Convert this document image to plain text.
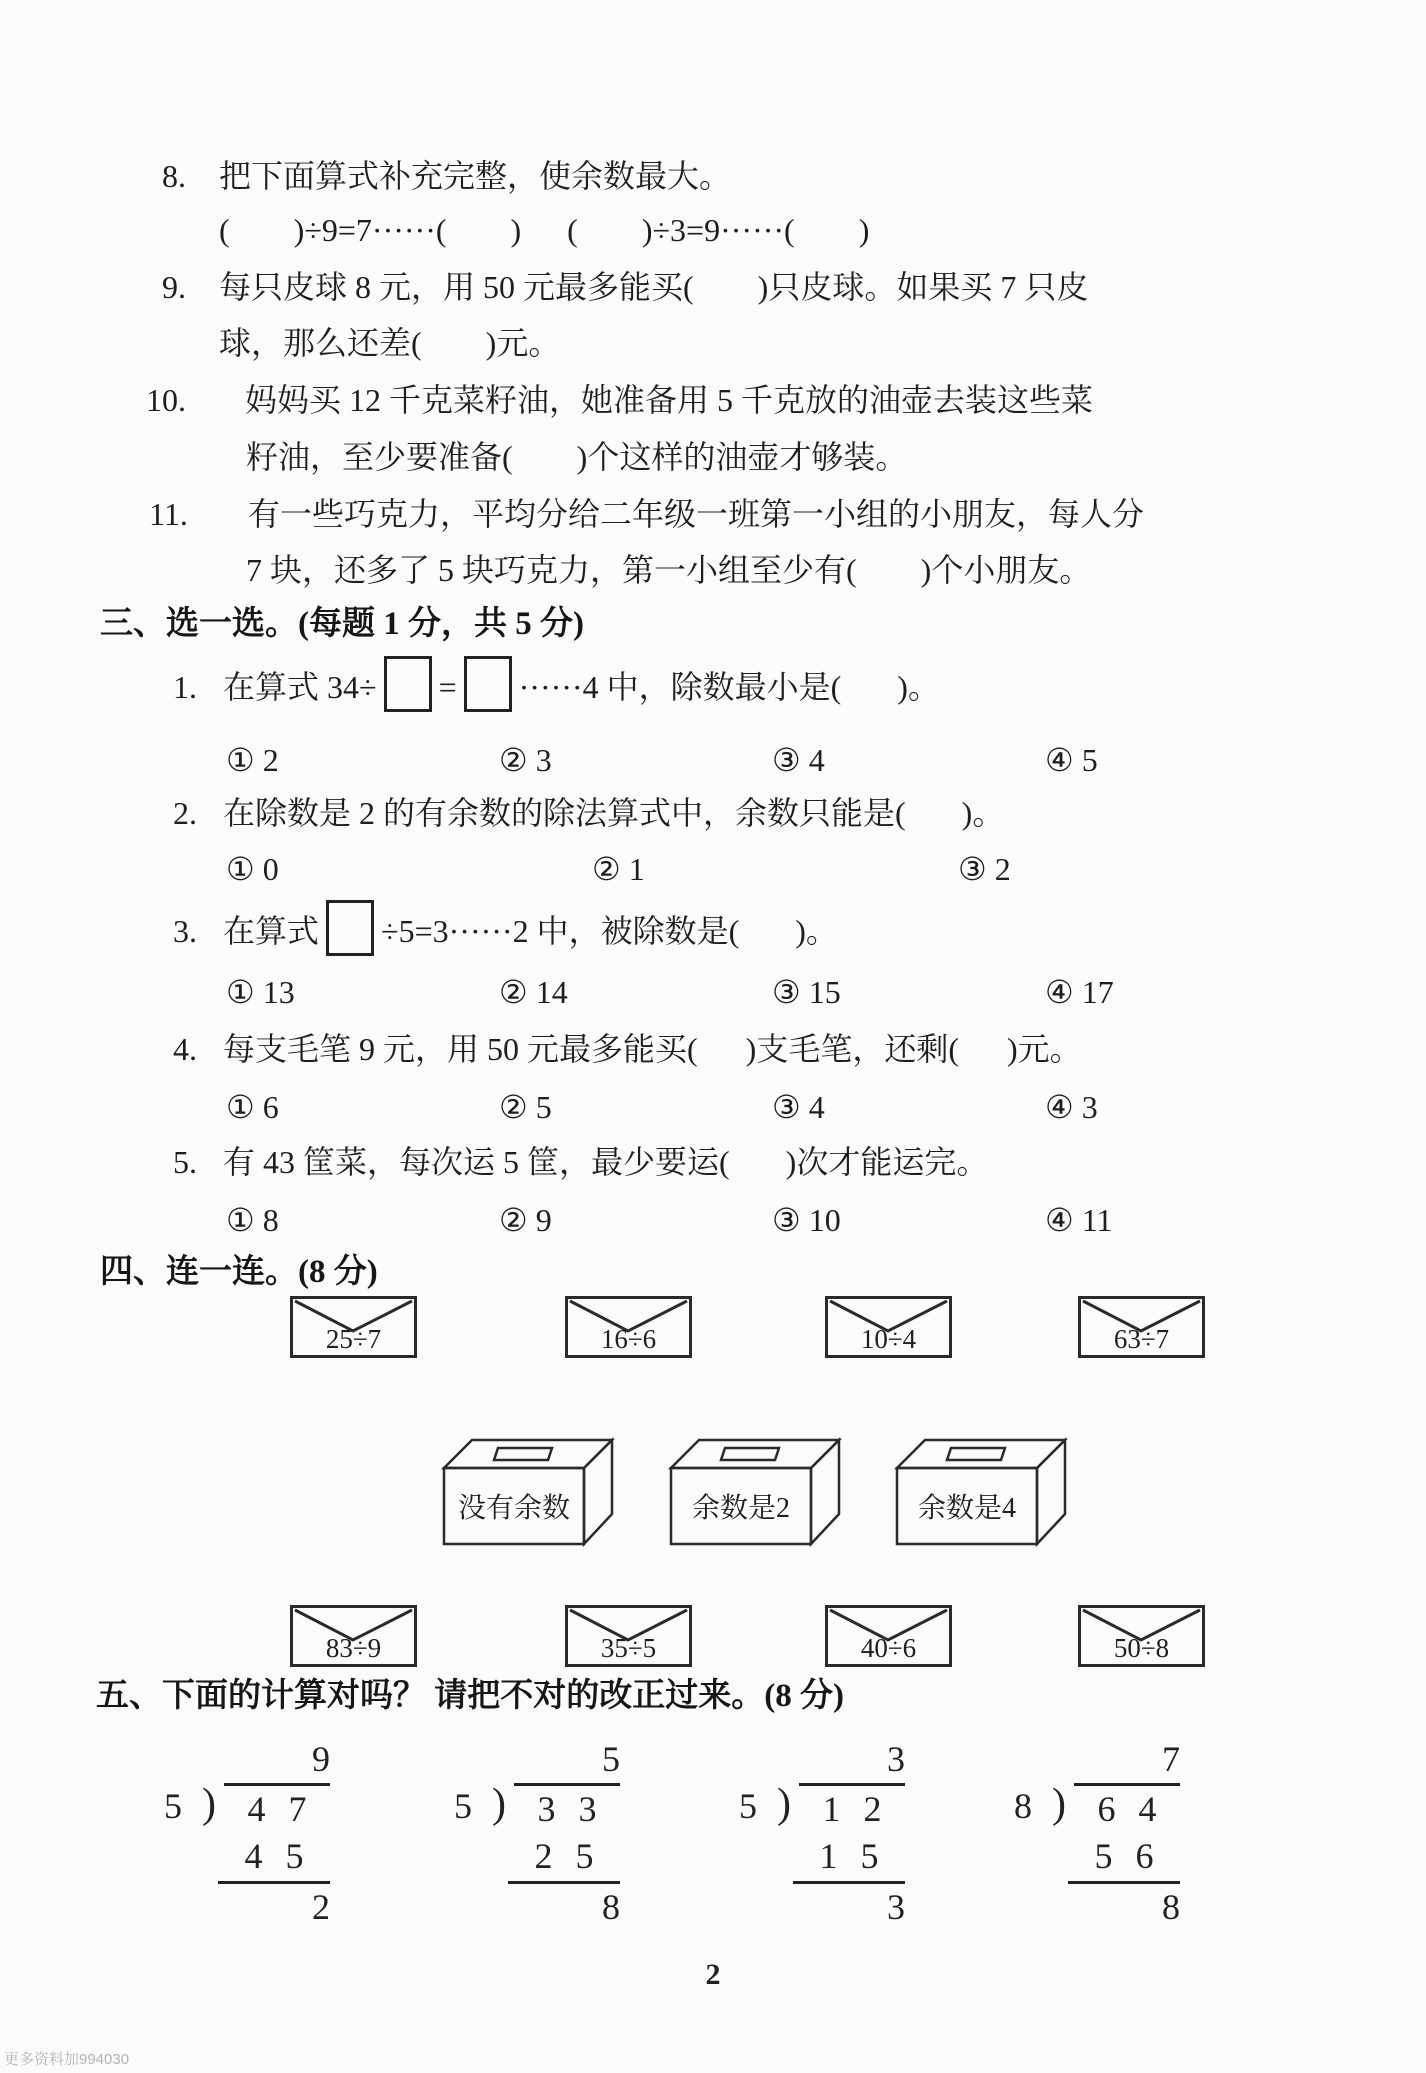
8. 把下面算式补充完整，使余数最大。
(        )÷9=7······(        ) (        )÷3=9······(        )
9. 每只皮球 8 元，用 50 元最多能买(        )只皮球。如果买 7 只皮
球，那么还差(        )元。
10. 妈妈买 12 千克菜籽油，她准备用 5 千克放的油壶去装这些菜
籽油，至少要准备(        )个这样的油壶才够装。
11. 有一些巧克力，平均分给二年级一班第一小组的小朋友，每人分
7 块，还多了 5 块巧克力，第一小组至少有(        )个小朋友。
三、选一选。(每题 1 分，共 5 分)
1. 在算式 34÷ = ······4 中，除数最小是(       )。
① 2	② 3	③ 4	④ 5
2. 在除数是 2 的有余数的除法算式中，余数只能是(       )。
① 0	② 1	③ 2
3. 在算式 ÷5=3······2 中，被除数是(       )。
① 13	② 14	③ 15	④ 17
4. 每支毛笔 9 元，用 50 元最多能买(      )支毛笔，还剩(      )元。
① 6	② 5	③ 4	④ 3
5. 有 43 筐菜，每次运 5 筐，最少要运(       )次才能运完。
① 8	② 9	③ 10	④ 11
四、连一连。(8 分)
25÷7	16÷6	10÷4	63÷7
没有余数	余数是2	余数是4
83÷9	35÷5	40÷6	50÷8
五、下面的计算对吗？ 请把不对的改正过来。(8 分)
9
5 ) 4 7
4 5
2
5
5 ) 3 3
2 5
8
3
5 ) 1 2
1 5
3
7
8 ) 6 4
5 6
8
2
更多资料加994030
